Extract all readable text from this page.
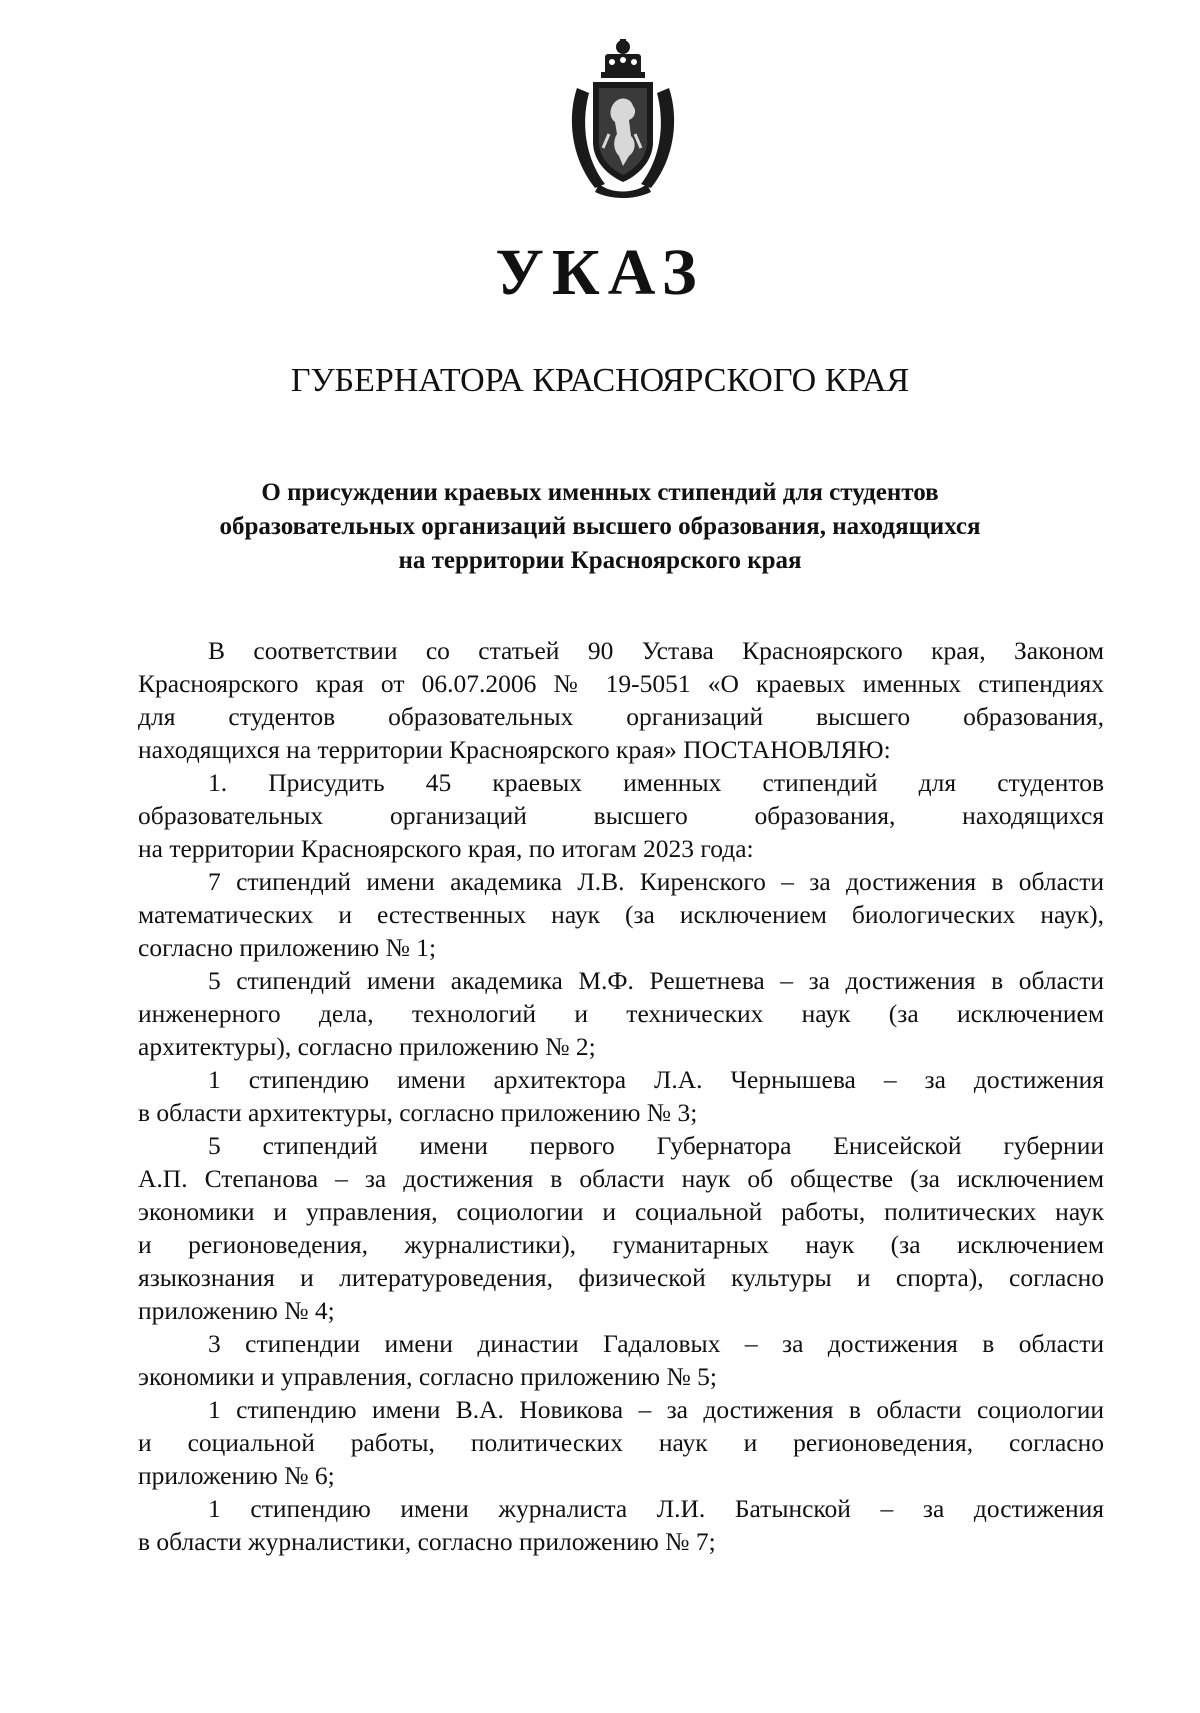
УКАЗ
ГУБЕРНАТОРА КРАСНОЯРСКОГО КРАЯ
О присуждении краевых именных стипендий для студентов
образовательных организаций высшего образования, находящихся
на территории Красноярского края
В соответствии со статьей 90 Устава Красноярского края, Законом
Красноярского края от 06.07.2006 № 19-5051 «О краевых именных стипендиях
для студентов образовательных организаций высшего образования,
находящихся на территории Красноярского края» ПОСТАНОВЛЯЮ:
1. Присудить 45 краевых именных стипендий для студентов
образовательных организаций высшего образования, находящихся
на территории Красноярского края, по итогам 2023 года:
7 стипендий имени академика Л.В. Киренского – за достижения в области
математических и естественных наук (за исключением биологических наук),
согласно приложению № 1;
5 стипендий имени академика М.Ф. Решетнева – за достижения в области
инженерного дела, технологий и технических наук (за исключением
архитектуры), согласно приложению № 2;
1 стипендию имени архитектора Л.А. Чернышева – за достижения
в области архитектуры, согласно приложению № 3;
5 стипендий имени первого Губернатора Енисейской губернии
А.П. Степанова – за достижения в области наук об обществе (за исключением
экономики и управления, социологии и социальной работы, политических наук
и регионоведения, журналистики), гуманитарных наук (за исключением
языкознания и литературоведения, физической культуры и спорта), согласно
приложению № 4;
3 стипендии имени династии Гадаловых – за достижения в области
экономики и управления, согласно приложению № 5;
1 стипендию имени В.А. Новикова – за достижения в области социологии
и социальной работы, политических наук и регионоведения, согласно
приложению № 6;
1 стипендию имени журналиста Л.И. Батынской – за достижения
в области журналистики, согласно приложению № 7;
